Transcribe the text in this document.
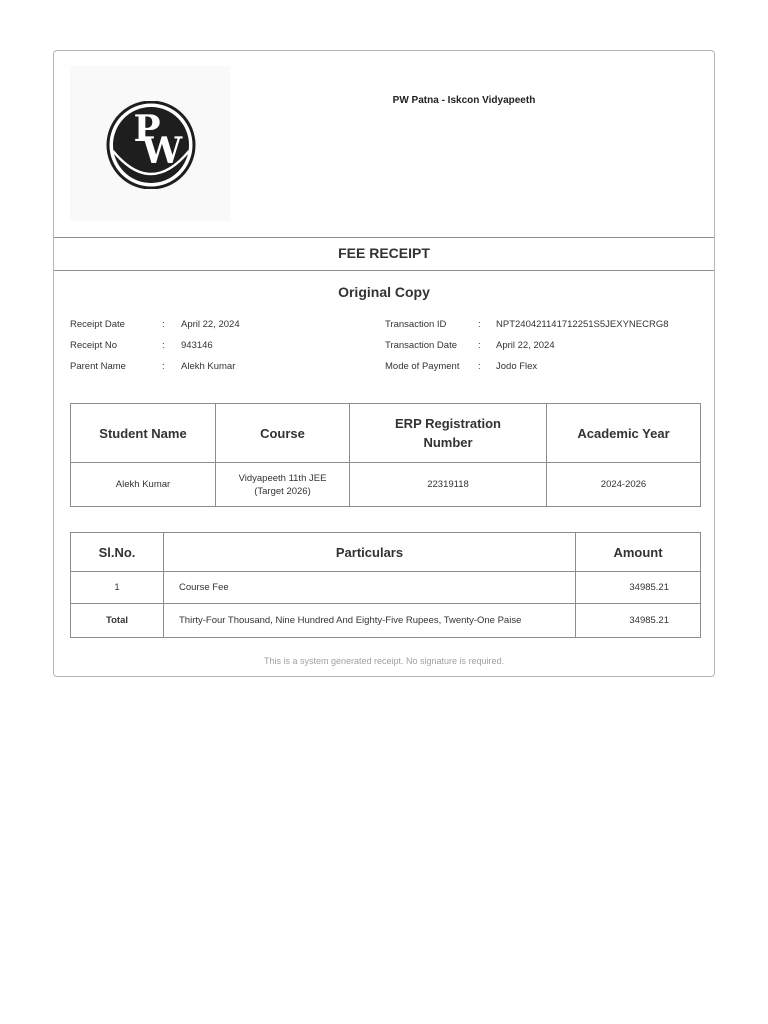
P W
PW Patna - Iskcon Vidyapeeth
FEE RECEIPT
Original Copy
Receipt Date	: April 22, 2024
Receipt No	: 943146
Parent Name	: Alekh Kumar
Transaction ID	: NPT240421141712251S5JEXYNECRG8
Transaction Date : April 22, 2024
Mode of Payment : Jodo Flex
Student Name	Course	ERP Registration Number	Academic Year
Alekh Kumar	Vidyapeeth 11th JEE (Target 2026)	22319118	2024-2026
Sl.No.	Particulars	Amount
1	Course Fee	34985.21
Total	Thirty-Four Thousand, Nine Hundred And Eighty-Five Rupees, Twenty-One Paise	34985.21
This is a system generated receipt. No signature is required.
